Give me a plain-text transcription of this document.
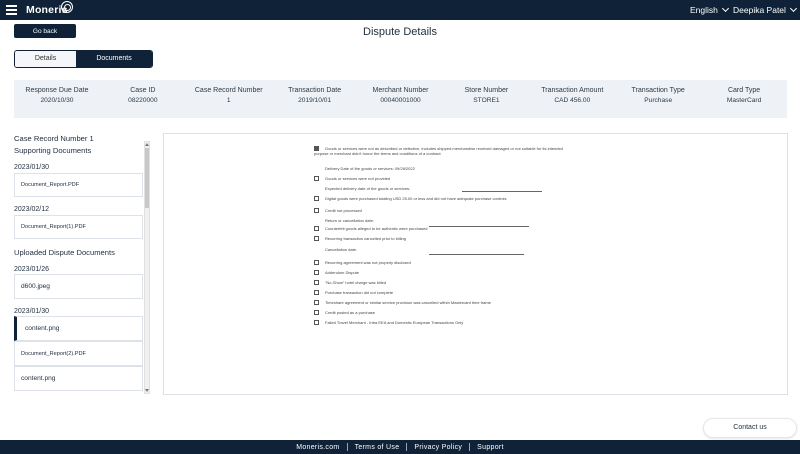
Moneris	English	Deepika Patel
Go back	Dispute Details
Details	Documents
Response Due Date
2020/10/30
Case ID
08220000
Case Record Number
1
Transaction Date
2019/10/01
Merchant Number
00040001000
Store Number
STORE1
Transaction Amount
CAD 456.00
Transaction Type
Purchase
Card Type
MasterCard
Case Record Number 1
Supporting Documents
2023/01/30
Document_Report.PDF
2023/02/12
Document_Report(1).PDF
Uploaded Dispute Documents
2023/01/26
d600.jpeg
2023/01/30
content.png
Document_Report(2).PDF
content.png
Goods or services were not as described or defective, includes shipped merchandise received damaged or not suitable for its intended purpose or merchant didn't honor the terms and conditions of a contract
Delivery Date of the goods or services: 09/28/2022
Goods or services were not provided
Expected delivery date of the goods or services:
Digital goods were purchased totaling USD 25.00 or less and did not have adequate purchase controls
Credit not processed
Return or cancellation date:
Counterfeit goods alleged to be authentic were purchased
Recurring transaction cancelled prior to billing
Cancellation date:
Recurring agreement was not properly disclosed
Addendum Dispute
"No-Show" hotel charge was billed
Purchase transaction did not complete
Timeshare agreement or similar service provision was cancelled within Mastercard time frame
Credit posted as a purchase
Failed Travel Merchant - Intra EEA and Domestic European Transactions Only
Contact us
Moneris.com	Terms of Use	Privacy Policy	Support
